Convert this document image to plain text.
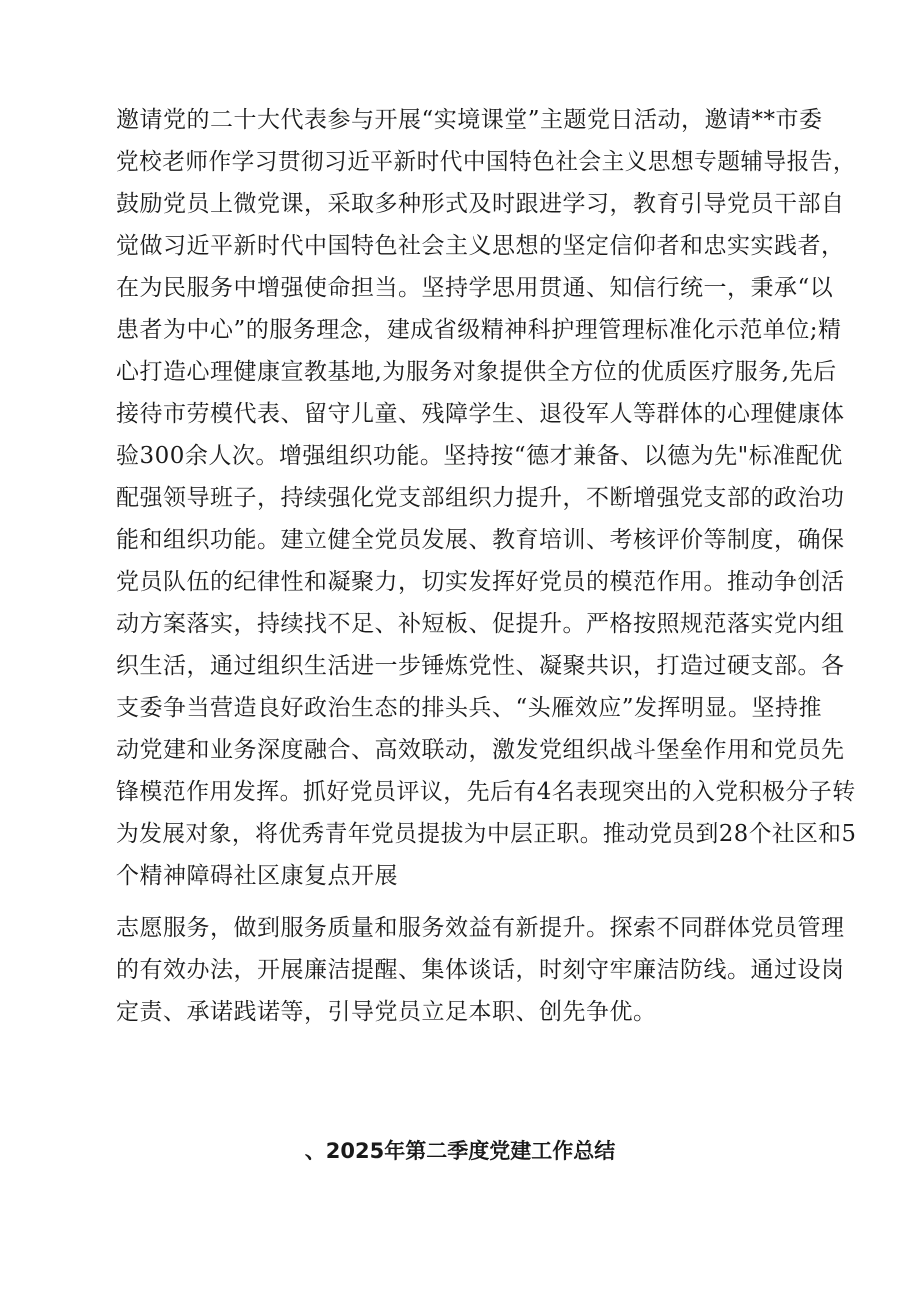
邀请党的二十大代表参与开展“实境课堂”主题党日活动，邀请**市委
党校老师作学习贯彻习近平新时代中国特色社会主义思想专题辅导报告，
鼓励党员上微党课，采取多种形式及时跟进学习，教育引导党员干部自
觉做习近平新时代中国特色社会主义思想的坚定信仰者和忠实实践者，
在为民服务中增强使命担当。坚持学思用贯通、知信行统一，秉承“以
患者为中心”的服务理念，建成省级精神科护理管理标准化示范单位;精
心打造心理健康宣教基地,为服务对象提供全方位的优质医疗服务,先后
接待市劳模代表、留守儿童、残障学生、退役军人等群体的心理健康体
验300余人次。增强组织功能。坚持按“德才兼备、以德为先"标准配优
配强领导班子，持续强化党支部组织力提升，不断增强党支部的政治功
能和组织功能。建立健全党员发展、教育培训、考核评价等制度，确保
党员队伍的纪律性和凝聚力，切实发挥好党员的模范作用。推动争创活
动方案落实，持续找不足、补短板、促提升。严格按照规范落实党内组
织生活，通过组织生活进一步锤炼党性、凝聚共识，打造过硬支部。各
支委争当营造良好政治生态的排头兵、“头雁效应”发挥明显。坚持推
动党建和业务深度融合、高效联动，激发党组织战斗堡垒作用和党员先
锋模范作用发挥。抓好党员评议，先后有4名表现突出的入党积极分子转
为发展对象，将优秀青年党员提拔为中层正职。推动党员到28个社区和5
个精神障碍社区康复点开展
志愿服务，做到服务质量和服务效益有新提升。探索不同群体党员管理
的有效办法，开展廉洁提醒、集体谈话，时刻守牢廉洁防线。通过设岗
定责、承诺践诺等，引导党员立足本职、创先争优。
、2025年第二季度党建工作总结
